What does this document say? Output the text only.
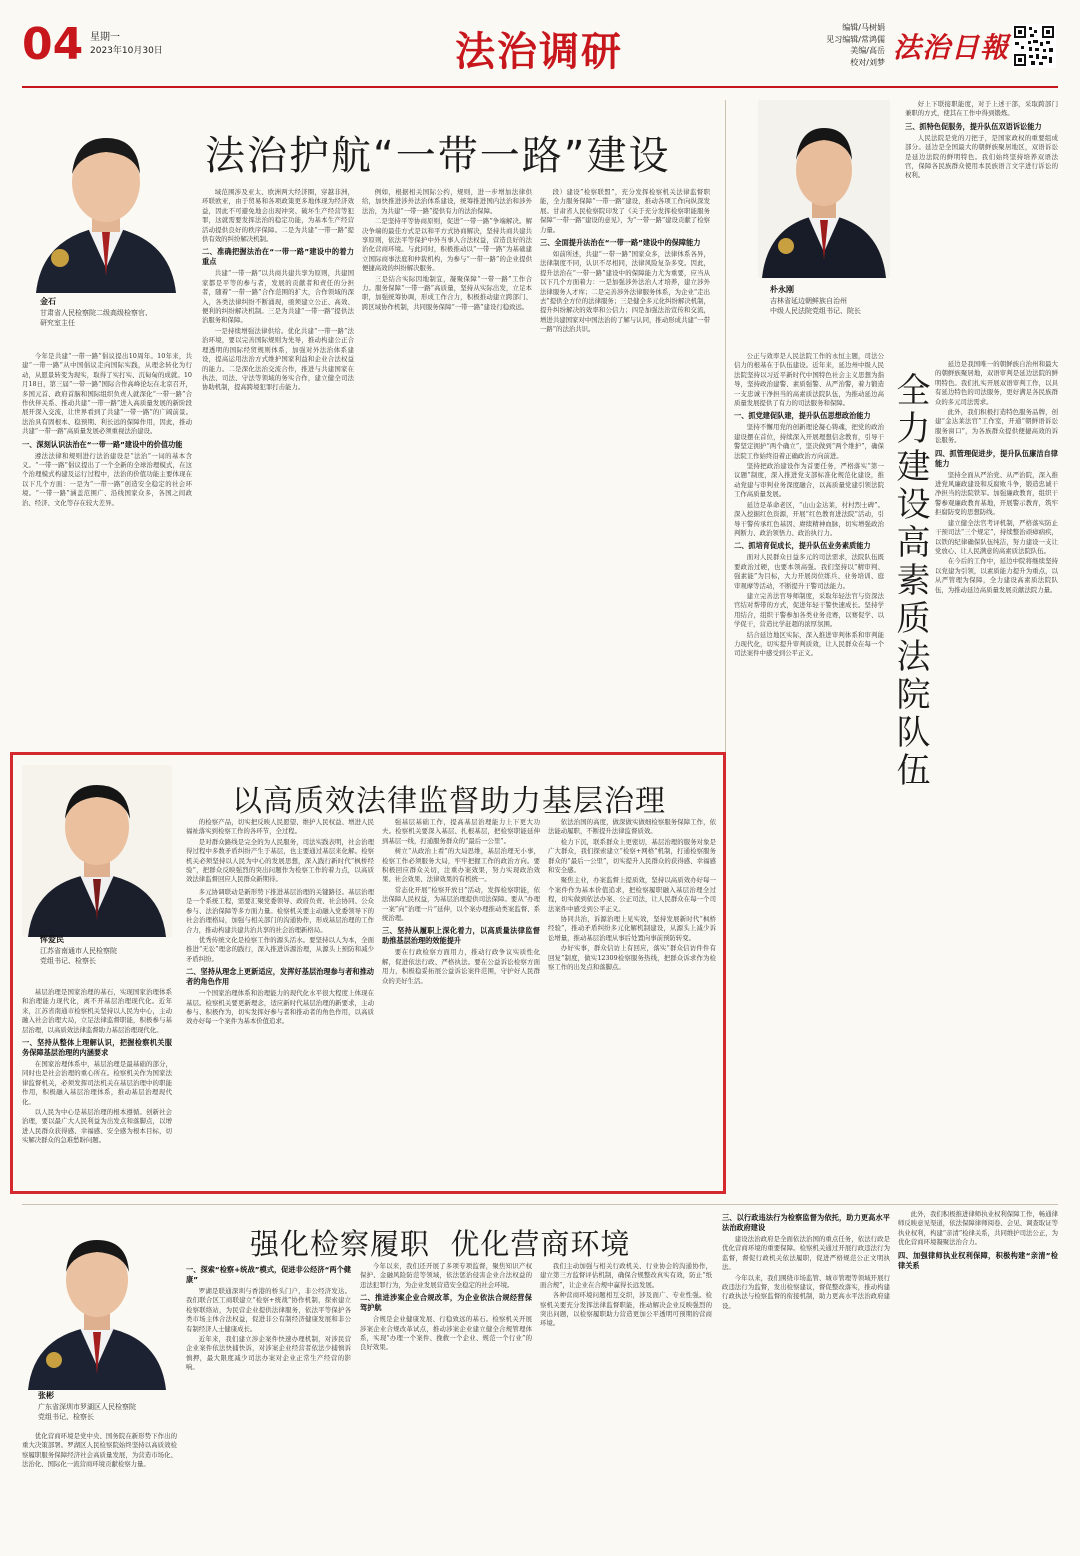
04 星期一
2023年10月30日	法治调研
编辑/马树娟
见习编辑/常鸿儒
美编/高岳
校对/刘梦 法治日報
法治护航“一带一路”建设
金石
甘肃省人民检察院二级高级检察官、
研究室主任

今年是共建“一带一路”倡议提出10周年。10年来，共建“一带一路”从中国倡议走向国际实践，从理念转化为行动，从愿景转变为现实，取得了实打实、沉甸甸的成就。10月18日，第三届“一带一路”国际合作高峰论坛在北京召开，多国元首、政府首脑和国际组织负责人就深化“一带一路”合作伙伴关系、推动共建“一带一路”进入高质量发展的新阶段展开深入交流，让世界看到了共建“一带一路”的广阔前景。法治具有固根本、稳预期、利长远的保障作用，因此，推动共建“一带一路”高质量发展必须重视法治建设。

一、深刻认识法治在“一带一路”建设中的价值功能

遵法法律和规则进行法治建设是“法治”一词的基本含义。“一带一路”倡议提出了一个全新的全球治理模式，在这个治理模式构建及运行过程中，法治的价值功能主要体现在以下几个方面：一是为“一带一路”创造安全稳定的社会环境。“一带一路”涵盖范围广、沿线国家众多，各国之间政治、经济、文化等存在较大差异。

域范围涉及亚太、欧洲两大经济圈，穿越非洲，环联欧亚，由于贸易和各项政策更多地体现为经济效益，因此不可避免地会出现冲突、破坏生产经营等犯罪，这就需要发挥法治的稳定功能，为基本生产经营活动提供良好的秩序保障。二是为共建“一带一路”提供有效的纠纷解决机制。

二、准确把握法治在“一带一路”建设中的着力重点

共建“一带一路”以共商共建共享为原则，共建国家都是平等的参与者，发展的贡献者和责任的分担者，随着“一带一路”合作范围的扩大，合作领域的深入，各类法律纠纷不断涌现，亟须建立公正、高效、便利的纠纷解决机制。三是为共建“一带一路”提供法治服务和保障。

一是持续增强法律供给。优化共建“一带一路”法治环境，要以完善国际规则为先导，推动构建公正合理透明的国际经贸规则体系，加强对外法治体系建设，提高运用法治方式维护国家利益和企业合法权益的能力。二是深化法治交流合作，推进与共建国家在执法、司法、守法等领域的务实合作，建立健全司法协助机制，提高跨境犯罪打击能力。

例如，根据相关国际公约，规则，进一步增加法律供给，加快推进涉外法治体系建设，统筹推进国内法治和涉外法治，为共建“一带一路”提供有力的法治保障。

二是坚持平等协商原则，促进“一带一路”争端解决。解决争端的最佳方式是以和平方式协商解决，坚持共商共建共享原则，依法平等保护中外当事人合法权益，营造良好的法治化营商环境。与此同时，积极推动以“一带一路”为基础建立国际商事法庭和仲裁机构，为参与“一带一路”的企业提供便捷高效的纠纷解决服务。

三是结合实际因地制宜，凝聚保障“一带一路”工作合力。服务保障“一带一路”高质量，坚持从实际出发，立足本职，加强统筹协调，形成工作合力，积极推动建立跨部门、跨区域协作机制，共同服务保障“一带一路”建设行稳致远。

段）建设”检察联盟”，充分发挥检察机关法律监督职能，全力服务保障“一带一路”建设，推动各项工作向纵深发展。甘肃省人民检察院印发了《关于充分发挥检察职能服务保障“一带一路”建设的意见》，为“一带一路”建设贡献了检察力量。

三、全面提升法治在“一带一路”建设中的保障能力

如前所述，共建“一带一路”国家众多，法律体系各异，法律制度不同，认识不尽相同，法律风险复杂多变。因此，提升法治在“一带一路”建设中的保障能力尤为重要，应当从以下几个方面着力：一是加强涉外法治人才培养，建立涉外法律服务人才库；二是完善涉外法律服务体系，为企业“走出去”提供全方位的法律服务；三是健全多元化纠纷解决机制，提升纠纷解决的效率和公信力；四是加强法治宣传和交流，增进共建国家对中国法治的了解与认同，推动形成共建“一带一路”的法治共识。

朴永刚
吉林省延边朝鲜族自治州
中级人民法院党组书记、院长

公正与效率是人民法院工作的永恒主题，司法公信力的根基在于队伍建设。近年来，延边州中级人民法院坚持以习近平新时代中国特色社会主义思想为指导，坚持政治建警、素质强警、从严治警，着力锻造一支忠诚干净担当的高素质法院队伍，为推动延边高质量发展提供了有力的司法服务和保障。

一、抓党建促队建，提升队伍思想政治能力

坚持不懈用党的创新理论凝心铸魂，把党的政治建设摆在首位，持续深入开展理想信念教育，引导干警坚定拥护“两个确立”，坚决做到“两个维护”，确保法院工作始终沿着正确政治方向前进。

坚持把政治建设作为首要任务，严格落实“第一议题”制度，深入推进党支部标准化规范化建设，推动党建与审判业务深度融合，以高质量党建引领法院工作高质量发展。

延边是革命老区，“山山金达莱，村村烈士碑”。深入挖掘红色资源，开展“红色教育进法院”活动，引导干警传承红色基因、赓续精神血脉，切实增强政治判断力、政治领悟力、政治执行力。

二、抓培育促成长，提升队伍业务素质能力

面对人民群众日益多元的司法需求，法院队伍既要政治过硬，也要本领高强。我们坚持以“精审判、强素能”为目标，大力开展岗位练兵、业务培训、庭审观摩等活动，不断提升干警司法能力。

建立完善法官导师制度，采取年轻法官与资深法官结对帮带的方式，促进年轻干警快速成长。坚持学用结合，组织干警参加各类业务竞赛，以赛促学、以学促干，营造比学赶超的浓厚氛围。

结合延边地区实际，深入推进审判体系和审判能力现代化，切实提升审判质效，让人民群众在每一个司法案件中感受到公平正义。	全力建设高素质法院队伍

好上下联接职能度，对于上述干部，采取跨部门兼职的方式，使其在工作中得到锻炼。

三、抓特色促服务，提升队伍双语诉讼能力

人民法院是党的刀把子，是国家政权的重要组成部分。延边是全国最大的朝鲜族聚居地区，双语诉讼是延边法院的鲜明特色。我们始终坚持培养双语法官，保障各民族群众使用本民族语言文字进行诉讼的权利。

延边是我国唯一的朝鲜族自治州和最大的朝鲜族聚居地，双语审判是延边法院的鲜明特色。我们扎实开展双语审判工作，以具有延边特色的司法服务，更好满足各民族群众的多元司法需求。

此外，我们积极打造特色服务品牌，创建“金达莱法官”工作室，开通“朝鲜语诉讼服务窗口”，为各族群众提供便捷高效的诉讼服务。

四、抓管理促进步，提升队伍廉洁自律能力

坚持全面从严治党、从严治院，深入推进党风廉政建设和反腐败斗争，锻造忠诚干净担当的法院铁军。加强廉政教育，组织干警参观廉政教育基地，开展警示教育，筑牢拒腐防变的思想防线。

建立健全法官考评机制，严格落实防止干预司法“三个规定”，持续整治顽瘴痼疾，以铁的纪律确保队伍纯洁，努力建设一支让党放心、让人民满意的高素质法院队伍。

在今后的工作中，延边中院将继续坚持以党建为引领，以素质能力提升为重点，以从严管理为保障，全力建设高素质法院队伍，为推动延边高质量发展贡献法院力量。

以高质效法律监督助力基层治理
恽爱民
江苏省南通市人民检察院
党组书记、检察长

的检察产品，切实把反映人民愿望、维护人民权益、增进人民福祉落实到检察工作的各环节，全过程。

是对群众路线是完全的为人民服务，司法实践表明，社会治理得过程中多数矛盾纠纷产生于基层，也主要通过基层来化解。检察机关必须坚持以人民为中心的发展思想，深入践行新时代“枫桥经验”，把群众反映强烈的突出问题作为检察工作的着力点，以高质效法律监督回应人民群众新期待。

基层治理是国家治理的基石，实现国家治理体系和治理能力现代化，离不开基层治理现代化。近年来，江苏省南通市检察机关坚持以人民为中心，主动融入社会治理大局，立足法律监督职能，积极参与基层治理，以高质效法律监督助力基层治理现代化。

一、坚持从整体上理解认识，把握检察机关服务保障基层治理的内涵要求

在国家治理体系中，基层治理是最基础的部分，同时也是社会治理的重心所在。检察机关作为国家法律监督机关，必须发挥司法机关在基层治理中的职能作用，积极融入基层治理体系，推动基层治理现代化。

以人民为中心是基层治理的根本遵循。创新社会治理，要以最广大人民利益为出发点和落脚点，以增进人民群众获得感、幸福感、安全感为根本目标，切实解决群众的急难愁盼问题。

多元协调联动是新形势下推进基层治理的关键路径。基层治理是一个系统工程，需要汇聚党委领导、政府负责、社会协同、公众参与、法治保障等多方面力量。检察机关要主动融入党委领导下的社会治理格局，加强与相关部门的沟通协作，形成基层治理的工作合力，推动构建共建共治共享的社会治理新格局。

优秀传统文化是检察工作的源头活水。要坚持以人为本，全面推进“无讼”理念的践行，深入推进诉源治理，从源头上预防和减少矛盾纠纷。

二、坚持从理念上更新适应，发挥好基层治理参与者和推动者的角色作用

一个国家治理体系和治理能力的现代化水平很大程度上体现在基层。检察机关要更新理念，适应新时代基层治理的新要求，主动参与、积极作为，切实发挥好参与者和推动者的角色作用，以高质效办好每一个案件为基本价值追求。

强基层基础工作，提高基层治理能力上下更大功夫。检察机关要深入基层、扎根基层，把检察职能延伸到基层一线，打通服务群众的“最后一公里”。

树立“从政治上看”的大局思维，基层治理无小事，检察工作必须服务大局，牢牢把握工作的政治方向。要积极回应群众关切，注重办案效果，努力实现政治效果、社会效果、法律效果的有机统一。

常态化开展“检察开放日”活动，发挥检察职能，依法保障人民权益，为基层治理提供司法保障。要从“办理一案”向“治理一片”延伸，以个案办理推动类案监督、系统治理。

三、坚持从履职上深化着力，以高质量法律监督助推基层治理的效能提升

要在行政检察方面用力，推动行政争议实质性化解，促进依法行政、严格执法。要在公益诉讼检察方面用力，积极稳妥拓展公益诉讼案件范围，守护好人民群众的美好生活。

依法治国的高度，做深做实做细检察服务保障工作，依法能动履职，不断提升法律监督质效。

检力下沉，联系群众上更密切，基层治理的服务对象是广大群众，我们探索建立“检察+网格”机制，打通检察服务群众的“最后一公里”，切实提升人民群众的获得感、幸福感和安全感。

聚焦主业，办案监督上提质效，坚持以高质效办好每一个案件作为基本价值追求，把检察履职融入基层治理全过程，切实做到依法办案、公正司法，让人民群众在每一个司法案件中感受到公平正义。

协同共治，诉源治理上见实效，坚持发展新时代“枫桥经验”，推动矛盾纠纷多元化解机制建设，从源头上减少诉讼增量，推动基层治理从事后处置向事前预防转变。

办好实事，群众信访上有回应，落实“群众信访件件有回复”制度，做实12309检察服务热线，把群众诉求作为检察工作的出发点和落脚点。

强化检察履职  优化营商环境
张彬
广东省深圳市罗湖区人民检察院
党组书记、检察长

优化营商环境是党中央、国务院在新形势下作出的重大决策部署。罗湖区人民检察院始终坚持以高质效检察履职服务保障经济社会高质量发展，为营造市场化、法治化、国际化一流营商环境贡献检察力量。

一、探索“检察+统战”模式，促进非公经济“两个健康”

罗湖是联通深圳与香港的桥头门户，非公经济发达。我们联合区工商联建立“检察+统战”协作机制，探索建立检察联络站，为民营企业提供法律服务，依法平等保护各类市场主体合法权益，促进非公有制经济健康发展和非公有制经济人士健康成长。

近年来，我们建立涉企案件快速办理机制，对涉民营企业案件依法快捕快诉，对涉案企业经营者依法少捕慎诉慎押，最大限度减少司法办案对企业正常生产经营的影响。

今年以来，我们还开展了多项专项监督，聚焦知识产权保护、金融风险防范等领域，依法惩治侵害企业合法权益的违法犯罪行为，为企业发展营造安全稳定的社会环境。

二、推进涉案企业合规改革，为企业依法合规经营保驾护航

合规是企业健康发展、行稳致远的基石。检察机关开展涉案企业合规改革试点，推动涉案企业建立健全合规管理体系，实现“办理一个案件、挽救一个企业、规范一个行业”的良好效果。

我们主动加强与相关行政机关、行业协会的沟通协作，建立第三方监督评估机制，确保合规整改真实有效，防止“纸面合规”，让企业在合规中赢得长远发展。

各种营商环境问题相互交织，涉及面广、专业性强。检察机关要充分发挥法律监督职能，推动解决企业反映强烈的突出问题，以检察履职助力营造更加公平透明可预期的营商环境。

三、以行政违法行为检察监督为依托，助力更高水平法治政府建设

建设法治政府是全面依法治国的重点任务，依法行政是优化营商环境的重要保障。检察机关通过开展行政违法行为监督，督促行政机关依法履职，促进严格规范公正文明执法。

今年以来，我们围绕市场监管、城市管理等领域开展行政违法行为监督，发出检察建议，督促整改落实，推动构建行政执法与检察监督的衔接机制，助力更高水平法治政府建设。

此外，我们积极推进律师执业权利保障工作，畅通律师反映意见渠道，依法保障律师阅卷、会见、调查取证等执业权利，构建“亲清”检律关系，共同维护司法公正，为优化营商环境凝聚法治合力。

四、加强律师执业权利保障，积极构建“亲清”检律关系
